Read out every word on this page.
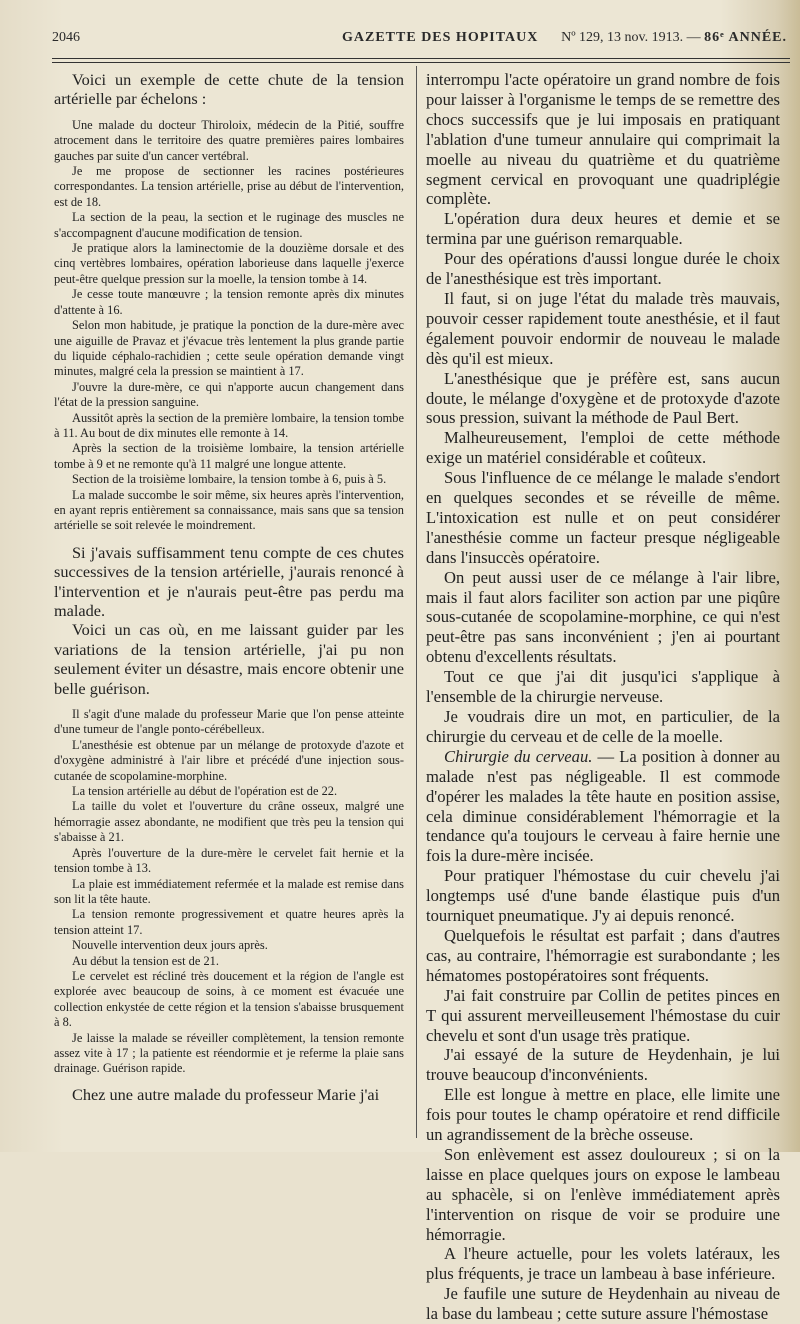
2046	GAZETTE DES HOPITAUX Nº 129, 13 nov. 1913. — 86ᵉ ANNÉE.

Voici un exemple de cette chute de la tension artérielle par échelons :

Une malade du docteur Thiroloix, médecin de la Pitié, souffre atrocement dans le territoire des quatre premières paires lombaires gauches par suite d'un cancer vertébral.

Je me propose de sectionner les racines postérieures correspondantes. La tension artérielle, prise au début de l'intervention, est de 18.

La section de la peau, la section et le ruginage des muscles ne s'accompagnent d'aucune modification de tension.

Je pratique alors la laminectomie de la douzième dorsale et des cinq vertèbres lombaires, opération laborieuse dans laquelle j'exerce peut-être quelque pression sur la moelle, la tension tombe à 14.

Je cesse toute manœuvre ; la tension remonte après dix minutes d'attente à 16.

Selon mon habitude, je pratique la ponction de la dure-mère avec une aiguille de Pravaz et j'évacue très lentement la plus grande partie du liquide céphalo-rachidien ; cette seule opération demande vingt minutes, malgré cela la pression se maintient à 17.

J'ouvre la dure-mère, ce qui n'apporte aucun changement dans l'état de la pression sanguine.

Aussitôt après la section de la première lombaire, la tension tombe à 11. Au bout de dix minutes elle remonte à 14.

Après la section de la troisième lombaire, la tension artérielle tombe à 9 et ne remonte qu'à 11 malgré une longue attente.

Section de la troisième lombaire, la tension tombe à 6, puis à 5.

La malade succombe le soir même, six heures après l'intervention, en ayant repris entièrement sa connaissance, mais sans que sa tension artérielle se soit relevée le moindrement.

Si j'avais suffisamment tenu compte de ces chutes successives de la tension artérielle, j'aurais renoncé à l'intervention et je n'aurais peut-être pas perdu ma malade.

Voici un cas où, en me laissant guider par les variations de la tension artérielle, j'ai pu non seulement éviter un désastre, mais encore obtenir une belle guérison.

Il s'agit d'une malade du professeur Marie que l'on pense atteinte d'une tumeur de l'angle ponto-cérébelleux.

L'anesthésie est obtenue par un mélange de protoxyde d'azote et d'oxygène administré à l'air libre et précédé d'une injection sous-cutanée de scopolamine-morphine.

La tension artérielle au début de l'opération est de 22.

La taille du volet et l'ouverture du crâne osseux, malgré une hémorragie assez abondante, ne modifient que très peu la tension qui s'abaisse à 21.

Après l'ouverture de la dure-mère le cervelet fait hernie et la tension tombe à 13.

La plaie est immédiatement refermée et la malade est remise dans son lit la tête haute.

La tension remonte progressivement et quatre heures après la tension atteint 17.

Nouvelle intervention deux jours après.

Au début la tension est de 21.

Le cervelet est récliné très doucement et la région de l'angle est explorée avec beaucoup de soins, à ce moment est évacuée une collection enkystée de cette région et la tension s'abaisse brusquement à 8.

Je laisse la malade se réveiller complètement, la tension remonte assez vite à 17 ; la patiente est réendormie et je referme la plaie sans drainage. Guérison rapide.

Chez une autre malade du professeur Marie j'ai

interrompu l'acte opératoire un grand nombre de fois pour laisser à l'organisme le temps de se remettre des chocs successifs que je lui imposais en pratiquant l'ablation d'une tumeur annulaire qui comprimait la moelle au niveau du quatrième et du quatrième segment cervical en provoquant une quadriplégie complète.

L'opération dura deux heures et demie et se termina par une guérison remarquable.

Pour des opérations d'aussi longue durée le choix de l'anesthésique est très important.

Il faut, si on juge l'état du malade très mauvais, pouvoir cesser rapidement toute anesthésie, et il faut également pouvoir endormir de nouveau le malade dès qu'il est mieux.

L'anesthésique que je préfère est, sans aucun doute, le mélange d'oxygène et de protoxyde d'azote sous pression, suivant la méthode de Paul Bert.

Malheureusement, l'emploi de cette méthode exige un matériel considérable et coûteux.

Sous l'influence de ce mélange le malade s'endort en quelques secondes et se réveille de même. L'intoxication est nulle et on peut considérer l'anesthésie comme un facteur presque négligeable dans l'insuccès opératoire.

On peut aussi user de ce mélange à l'air libre, mais il faut alors faciliter son action par une piqûre sous-cutanée de scopolamine-morphine, ce qui n'est peut-être pas sans inconvénient ; j'en ai pourtant obtenu d'excellents résultats.

Tout ce que j'ai dit jusqu'ici s'applique à l'ensemble de la chirurgie nerveuse.

Je voudrais dire un mot, en particulier, de la chirurgie du cerveau et de celle de la moelle.

Chirurgie du cerveau. — La position à donner au malade n'est pas négligeable. Il est commode d'opérer les malades la tête haute en position assise, cela diminue considérablement l'hémorragie et la tendance qu'a toujours le cerveau à faire hernie une fois la dure-mère incisée.

Pour pratiquer l'hémostase du cuir chevelu j'ai longtemps usé d'une bande élastique puis d'un tourniquet pneumatique. J'y ai depuis renoncé.

Quelquefois le résultat est parfait ; dans d'autres cas, au contraire, l'hémorragie est surabondante ; les hématomes postopératoires sont fréquents.

J'ai fait construire par Collin de petites pinces en T qui assurent merveilleusement l'hémostase du cuir chevelu et sont d'un usage très pratique.

J'ai essayé de la suture de Heydenhain, je lui trouve beaucoup d'inconvénients.

Elle est longue à mettre en place, elle limite une fois pour toutes le champ opératoire et rend difficile un agrandissement de la brèche osseuse.

Son enlèvement est assez douloureux ; si on la laisse en place quelques jours on expose le lambeau au sphacèle, si on l'enlève immédiatement après l'intervention on risque de voir se produire une hémorragie.

A l'heure actuelle, pour les volets latéraux, les plus fréquents, je trace un lambeau à base inférieure.

Je faufile une suture de Heydenhain au niveau de la base du lambeau ; cette suture assure l'hémostase
